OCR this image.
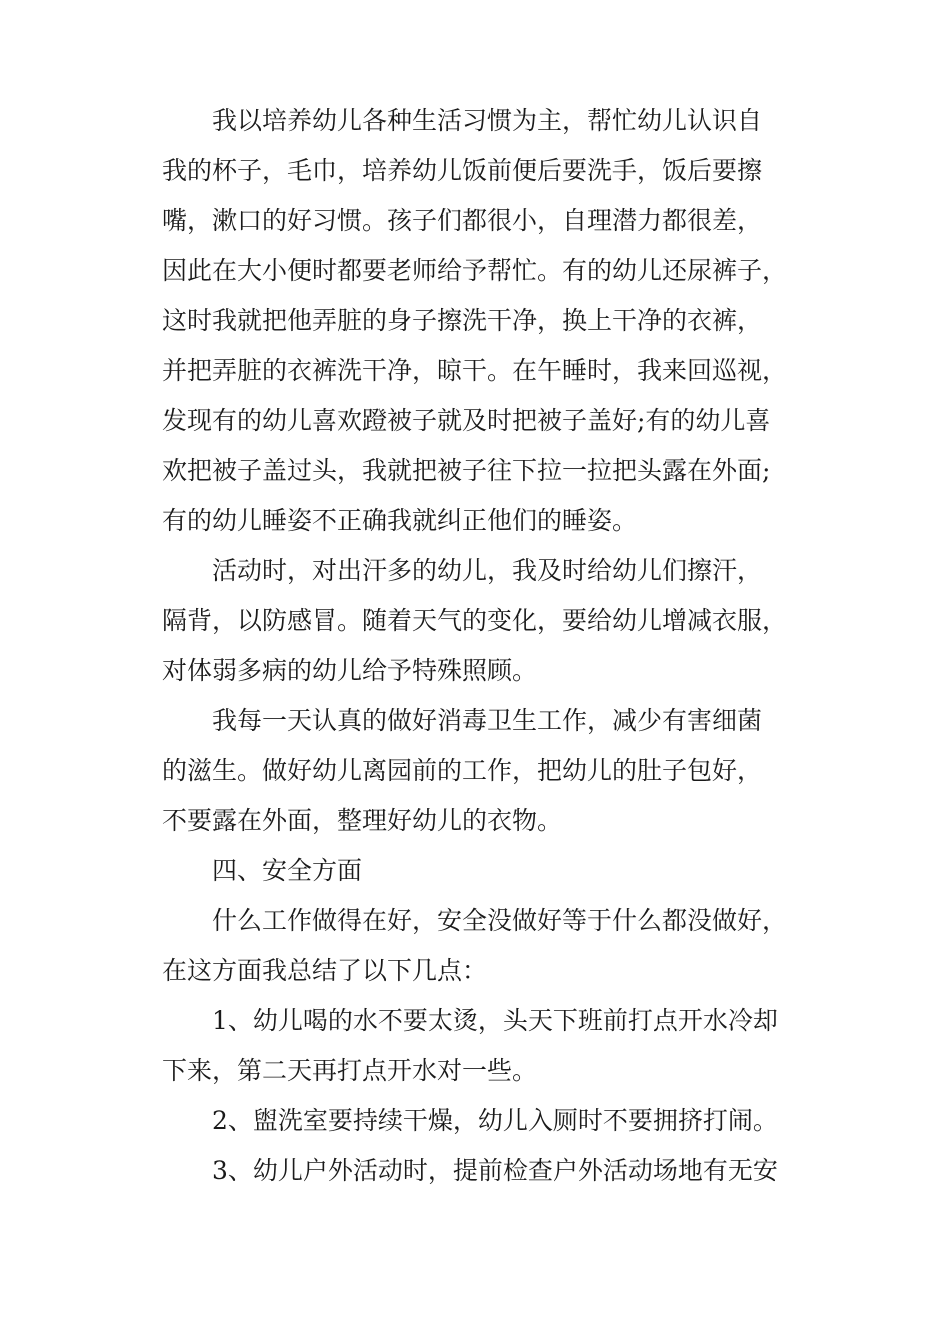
我以培养幼儿各种生活习惯为主，帮忙幼儿认识自
我的杯子，毛巾，培养幼儿饭前便后要洗手，饭后要擦
嘴，漱口的好习惯。孩子们都很小，自理潜力都很差，
因此在大小便时都要老师给予帮忙。有的幼儿还尿裤子，
这时我就把他弄脏的身子擦洗干净，换上干净的衣裤，
并把弄脏的衣裤洗干净，晾干。在午睡时，我来回巡视，
发现有的幼儿喜欢蹬被子就及时把被子盖好;有的幼儿喜
欢把被子盖过头，我就把被子往下拉一拉把头露在外面;
有的幼儿睡姿不正确我就纠正他们的睡姿。
活动时，对出汗多的幼儿，我及时给幼儿们擦汗，
隔背，以防感冒。随着天气的变化，要给幼儿增减衣服，
对体弱多病的幼儿给予特殊照顾。
我每一天认真的做好消毒卫生工作，减少有害细菌
的滋生。做好幼儿离园前的工作，把幼儿的肚子包好，
不要露在外面，整理好幼儿的衣物。
四、安全方面
什么工作做得在好，安全没做好等于什么都没做好，
在这方面我总结了以下几点：
1、幼儿喝的水不要太烫，头天下班前打点开水冷却
下来，第二天再打点开水对一些。
2、盥洗室要持续干燥，幼儿入厕时不要拥挤打闹。
3、幼儿户外活动时，提前检查户外活动场地有无安
